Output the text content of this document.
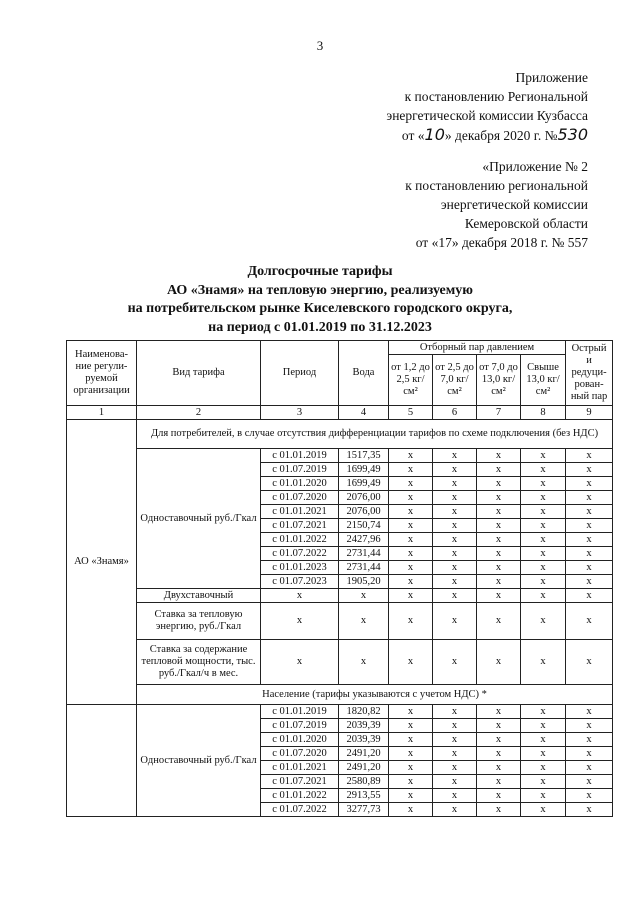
3
Приложение
к постановлению Региональной
энергетической комиссии Кузбасса
от «10» декабря 2020 г. №530
«Приложение № 2
к постановлению региональной
энергетической комиссии
Кемеровской области
от «17» декабря 2018 г. № 557
Долгосрочные тарифы
АО «Знамя» на тепловую энергию, реализуемую
на потребительском рынке Киселевского городского округа,
на период с 01.01.2019 по 31.12.2023
Наименова-ние регули-руемой организации	Вид тарифа	Период	Вода	Отборный пар давлением				Острый и редуци-рован-ный пар
				от 1,2 до 2,5 кг/см²	от 2,5 до 7,0 кг/см²	от 7,0 до 13,0 кг/см²	Свыше 13,0 кг/см²	
1	2	3	4	5	6	7	8	9
АО «Знамя»	Для потребителей, в случае отсутствия дифференциации тарифов по схеме подключения (без НДС)							
	Одноставочный руб./Гкал	с 01.01.2019	1517,35	x	x	x	x	x
		с 01.07.2019	1699,49	x	x	x	x	x
		с 01.01.2020	1699,49	x	x	x	x	x
		с 01.07.2020	2076,00	x	x	x	x	x
		с 01.01.2021	2076,00	x	x	x	x	x
		с 01.07.2021	2150,74	x	x	x	x	x
		с 01.01.2022	2427,96	x	x	x	x	x
		с 01.07.2022	2731,44	x	x	x	x	x
		с 01.01.2023	2731,44	x	x	x	x	x
		с 01.07.2023	1905,20	x	x	x	x	x
	Двухставочный	x	x	x	x	x	x	x
	Ставка за тепловую энергию, руб./Гкал	x	x	x	x	x	x	x
	Ставка за содержание тепловой мощности, тыс. руб./Гкал/ч в мес.	x	x	x	x	x	x	x
	Население (тарифы указываются с учетом НДС) *							
	Одноставочный руб./Гкал	с 01.01.2019	1820,82	x	x	x	x	x
		с 01.07.2019	2039,39	x	x	x	x	x
		с 01.01.2020	2039,39	x	x	x	x	x
		с 01.07.2020	2491,20	x	x	x	x	x
		с 01.01.2021	2491,20	x	x	x	x	x
		с 01.07.2021	2580,89	x	x	x	x	x
		с 01.01.2022	2913,55	x	x	x	x	x
		с 01.07.2022	3277,73	x	x	x	x	x
